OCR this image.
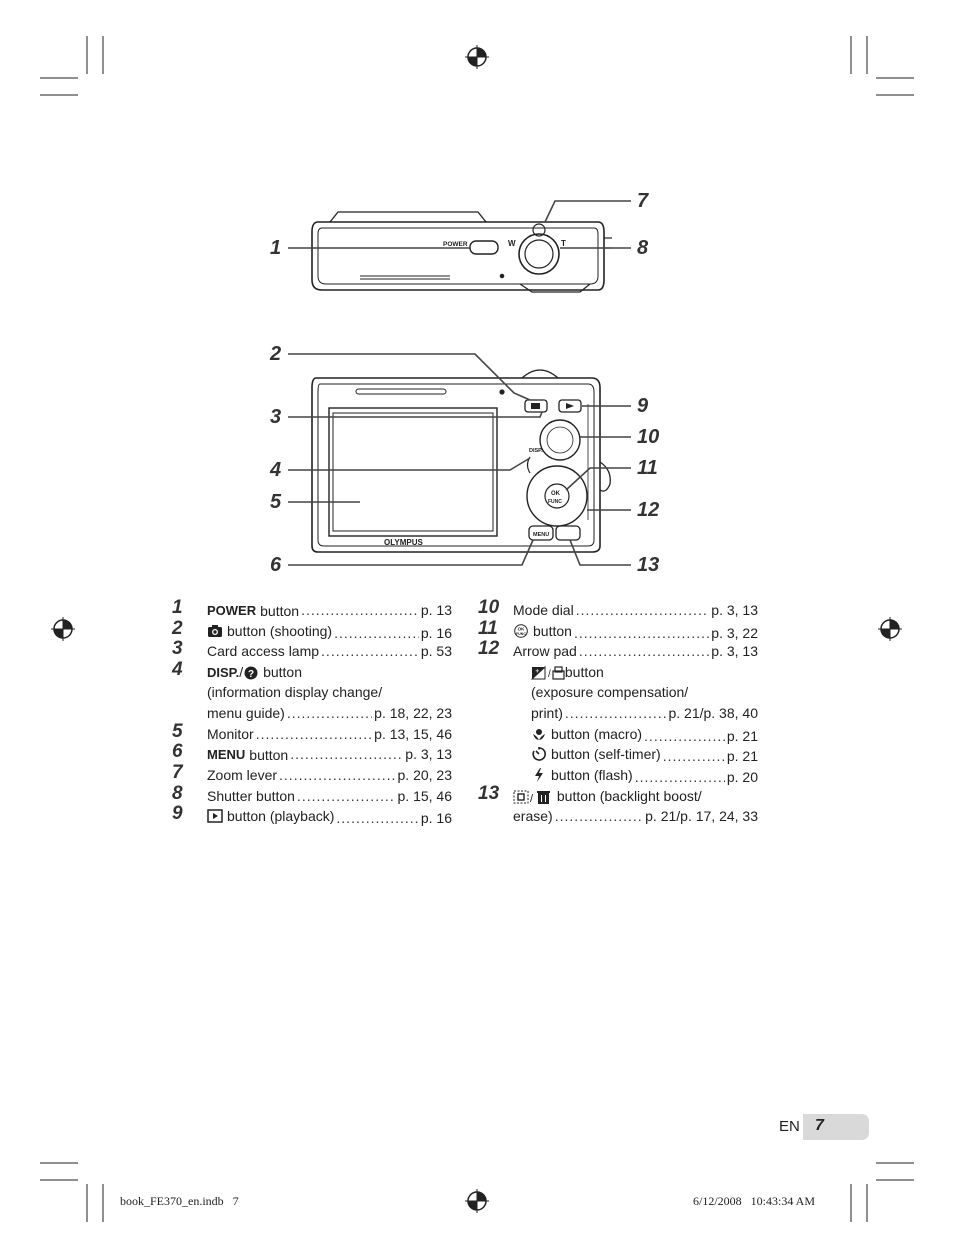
POWER	W	T
OLYMPUS
DISP.
MENU
OK
FUNC
1
2
3
4
5
6
7
8
9
10
11
12
13
1 POWER button .....	p. 13
2	button (shooting) .....	p. 16
3 Card access lamp .....	p. 53
4 DISP./ ? button
(information display change/
menu guide) .....	p. 18, 22, 23
5 Monitor .....	p. 13, 15, 46
6 MENU button .....	p. 3, 13
7 Zoom lever .....	p. 20, 23
8 Shutter button .....	p. 15, 46
9	button (playback) .....	p. 16
10 Mode dial .....	p. 3, 13
11	OK
FUNC button .....	p. 3, 22
12 Arrow pad .....	p. 3, 13
+ / button
(exposure compensation/
print) .....	p. 21/p. 38, 40
button (macro) .....	p. 21
button (self-timer) .....	p. 21
button (flash) .....	p. 20
13	/ button (backlight boost/
erase) .....	p. 21/p. 17, 24, 33
EN 7
book_FE370_en.indb   7	6/12/2008   10:43:34 AM
